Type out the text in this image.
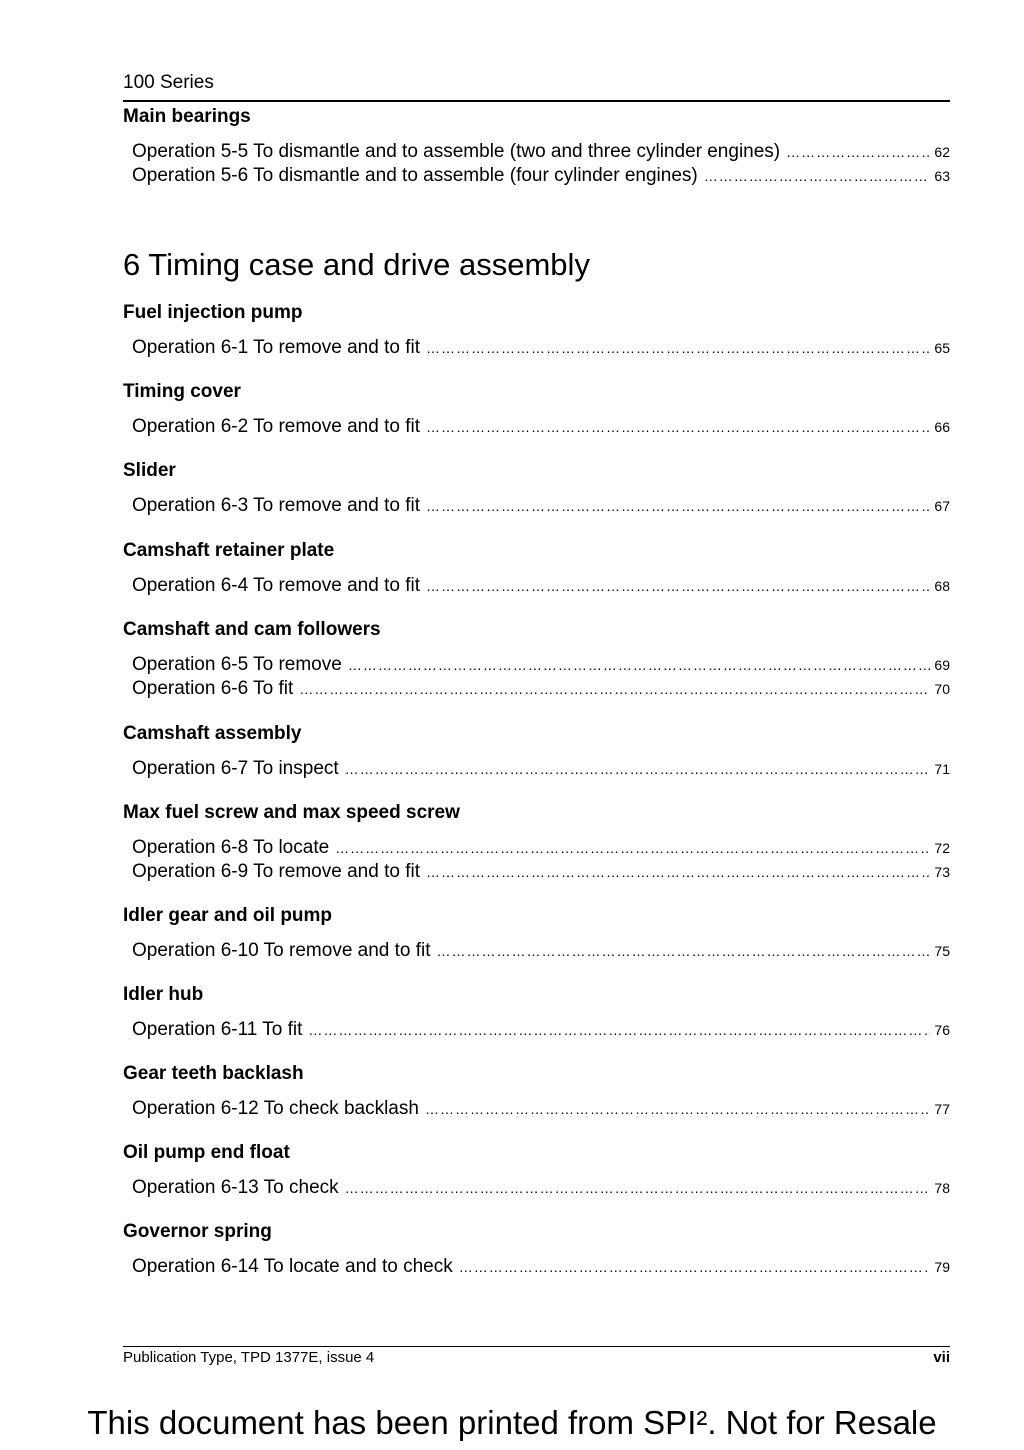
100 Series
Main bearings
Operation 5-5 To dismantle and to assemble (two and three cylinder engines) …………………………………………………………………………………………………………………………………………………………………………………………	62
Operation 5-6 To dismantle and to assemble (four cylinder engines) …………………………………………………………………………………………………………………………………………………………………………………………	63
6 Timing case and drive assembly
Fuel injection pump
Operation 6-1 To remove and to fit …………………………………………………………………………………………………………………………………………………………………………………………	65
Timing cover
Operation 6-2 To remove and to fit …………………………………………………………………………………………………………………………………………………………………………………………	66
Slider
Operation 6-3 To remove and to fit …………………………………………………………………………………………………………………………………………………………………………………………	67
Camshaft retainer plate
Operation 6-4 To remove and to fit …………………………………………………………………………………………………………………………………………………………………………………………	68
Camshaft and cam followers
Operation 6-5 To remove …………………………………………………………………………………………………………………………………………………………………………………………	69
Operation 6-6 To fit …………………………………………………………………………………………………………………………………………………………………………………………	70
Camshaft assembly
Operation 6-7 To inspect …………………………………………………………………………………………………………………………………………………………………………………………	71
Max fuel screw and max speed screw
Operation 6-8 To locate …………………………………………………………………………………………………………………………………………………………………………………………	72
Operation 6-9 To remove and to fit …………………………………………………………………………………………………………………………………………………………………………………………	73
Idler gear and oil pump
Operation 6-10 To remove and to fit …………………………………………………………………………………………………………………………………………………………………………………………	75
Idler hub
Operation 6-11 To fit …………………………………………………………………………………………………………………………………………………………………………………………	76
Gear teeth backlash
Operation 6-12 To check backlash …………………………………………………………………………………………………………………………………………………………………………………………	77
Oil pump end float
Operation 6-13 To check …………………………………………………………………………………………………………………………………………………………………………………………	78
Governor spring
Operation 6-14 To locate and to check …………………………………………………………………………………………………………………………………………………………………………………………	79
Publication Type, TPD 1377E, issue 4	vii
This document has been printed from SPI². Not for Resale
